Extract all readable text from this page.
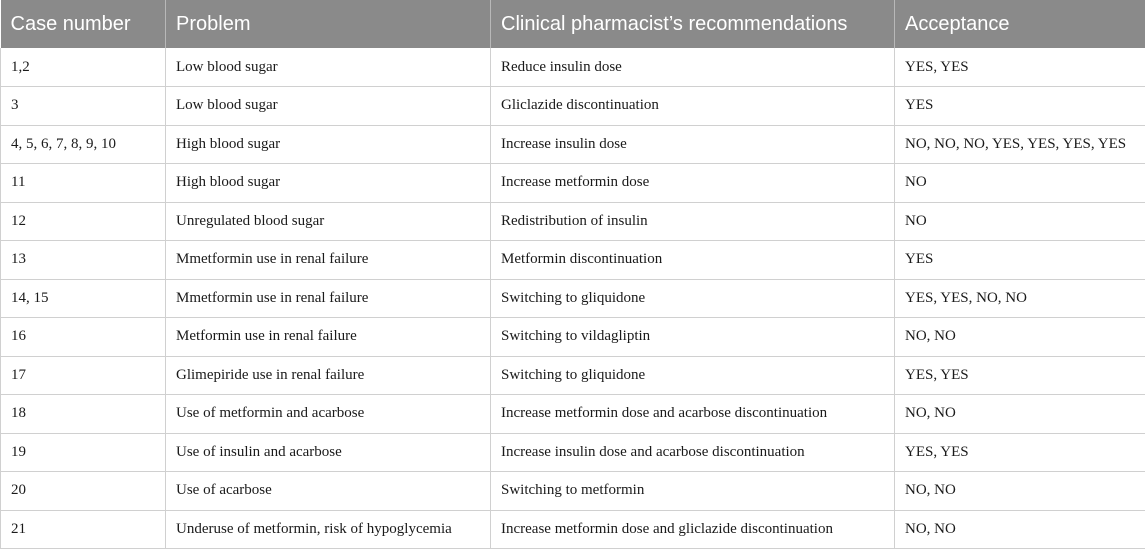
Case number	Problem	Clinical pharmacist’s recommendations	Acceptance
1,2	Low blood sugar	Reduce insulin dose	YES, YES
3	Low blood sugar	Gliclazide discontinuation	YES
4, 5, 6, 7, 8, 9, 10	High blood sugar	Increase insulin dose	NO, NO, NO, YES, YES, YES, YES
11	High blood sugar	Increase metformin dose	NO
12	Unregulated blood sugar	Redistribution of insulin	NO
13	Mmetformin use in renal failure	Metformin discontinuation	YES
14, 15	Mmetformin use in renal failure	Switching to gliquidone	YES, YES, NO, NO
16	Metformin use in renal failure	Switching to vildagliptin	NO, NO
17	Glimepiride use in renal failure	Switching to gliquidone	YES, YES
18	Use of metformin and acarbose	Increase metformin dose and acarbose discontinuation	NO, NO
19	Use of insulin and acarbose	Increase insulin dose and acarbose discontinuation	YES, YES
20	Use of acarbose	Switching to metformin	NO, NO
21	Underuse of metformin, risk of hypoglycemia	Increase metformin dose and gliclazide discontinuation	NO, NO
